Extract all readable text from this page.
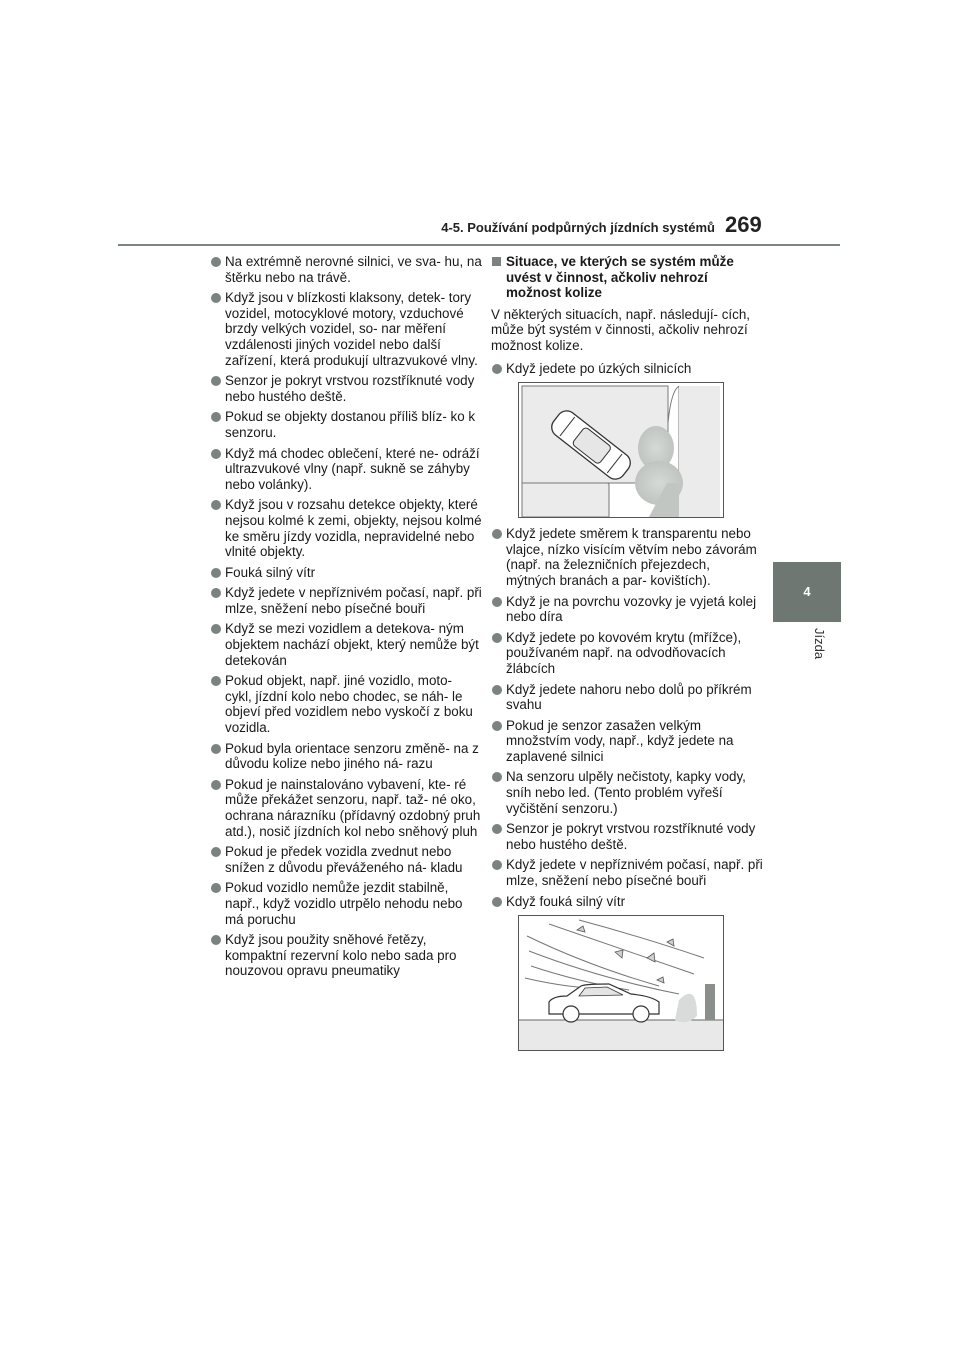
4-5. Používání podpůrných jízdních systémů 269
4
Jízda
Na extrémně nerovné silnici, ve sva- hu, na štěrku nebo na trávě.
Když jsou v blízkosti klaksony, detek- tory vozidel, motocyklové motory, vzduchové brzdy velkých vozidel, so- nar měření vzdálenosti jiných vozidel nebo další zařízení, která produkují ultrazvukové vlny.
Senzor je pokryt vrstvou rozstříknuté vody nebo hustého deště.
Pokud se objekty dostanou příliš blíz- ko k senzoru.
Když má chodec oblečení, které ne- odráží ultrazvukové vlny (např. sukně se záhyby nebo volánky).
Když jsou v rozsahu detekce objekty, které nejsou kolmé k zemi, objekty, nejsou kolmé ke směru jízdy vozidla, nepravidelné nebo vlnité objekty.
Fouká silný vítr
Když jedete v nepříznivém počasí, např. při mlze, sněžení nebo písečné bouři
Když se mezi vozidlem a detekova- ným objektem nachází objekt, který nemůže být detekován
Pokud objekt, např. jiné vozidlo, moto- cykl, jízdní kolo nebo chodec, se náh- le objeví před vozidlem nebo vyskočí z boku vozidla.
Pokud byla orientace senzoru změně- na z důvodu kolize nebo jiného ná- razu
Pokud je nainstalováno vybavení, kte- ré může překážet senzoru, např. taž- né oko, ochrana nárazníku (přídavný ozdobný pruh atd.), nosič jízdních kol nebo sněhový pluh
Pokud je předek vozidla zvednut nebo snížen z důvodu převáženého ná- kladu
Pokud vozidlo nemůže jezdit stabilně, např., když vozidlo utrpělo nehodu nebo má poruchu
Když jsou použity sněhové řetězy, kompaktní rezervní kolo nebo sada pro nouzovou opravu pneumatiky
Situace, ve kterých se systém může uvést v činnost, ačkoliv nehrozí možnost kolize

V některých situacích, např. následují- cích, může být systém v činnosti, ačkoliv nehrozí možnost kolize.

Když jedete po úzkých silnicích
Když jedete směrem k transparentu nebo vlajce, nízko visícím větvím nebo závorám (např. na železničních přejezdech, mýtných branách a par- kovištích).
Když je na povrchu vozovky je vyjetá kolej nebo díra
Když jedete po kovovém krytu (mřížce), používaném např. na odvodňovacích žlábcích
Když jedete nahoru nebo dolů po příkrém svahu
Pokud je senzor zasažen velkým množstvím vody, např., když jedete na zaplavené silnici
Na senzoru ulpěly nečistoty, kapky vody, sníh nebo led. (Tento problém vyřeší vyčištění senzoru.)
Senzor je pokryt vrstvou rozstříknuté vody nebo hustého deště.
Když jedete v nepříznivém počasí, např. při mlze, sněžení nebo písečné bouři
Když fouká silný vítr
